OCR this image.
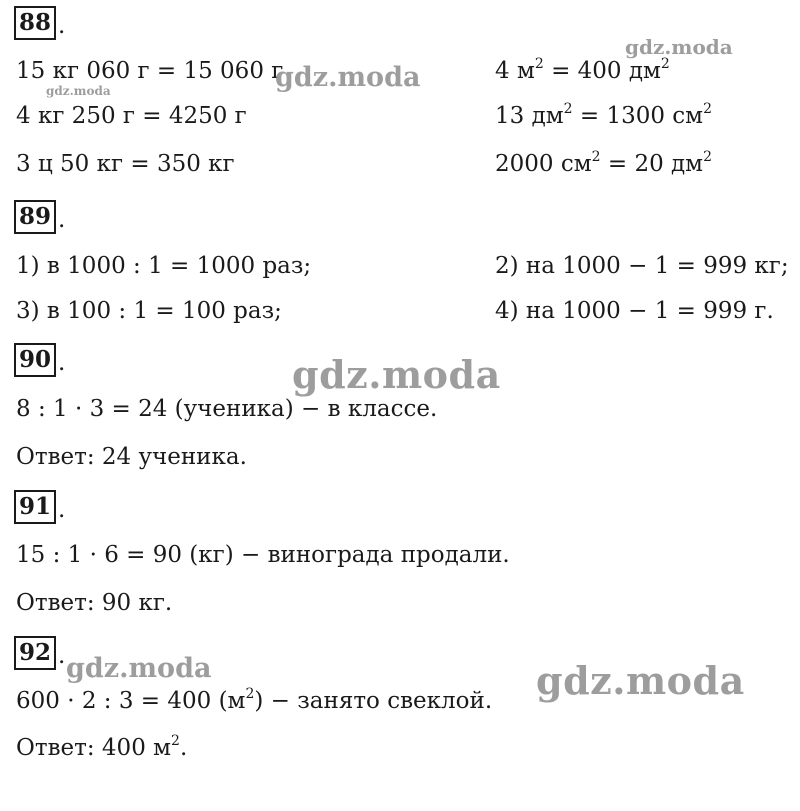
88 .
15 кг 060 г = 15 060 г
4 кг 250 г = 4250 г
3 ц 50 кг = 350 кг
4 $м^2 = 400$ $дм^2$
13 $дм^2 = 1300$ $см^2$
2000 $см^2 = 20$ $дм^2$
89 .
1) в 1000 : 1 = 1000 раз;
3) в 100 : 1 = 100 раз;
2) на 1000 − 1 = 999 кг;
4) на 1000 − 1 = 999 г.
90 .
8 : 1 · 3 = 24 (ученика) − в классе.
Ответ: 24 ученика.
91 .
15 : 1 · 6 = 90 (кг) − винограда продали.
Ответ: 90 кг.
92 .
600 · 2 : 3 = 400 $(м^2)$ − занято свеклой.
Ответ: 400 $м^2$.
gdz.moda
gdz.moda
gdz.moda
gdz.moda
gdz.moda	gdz.moda
